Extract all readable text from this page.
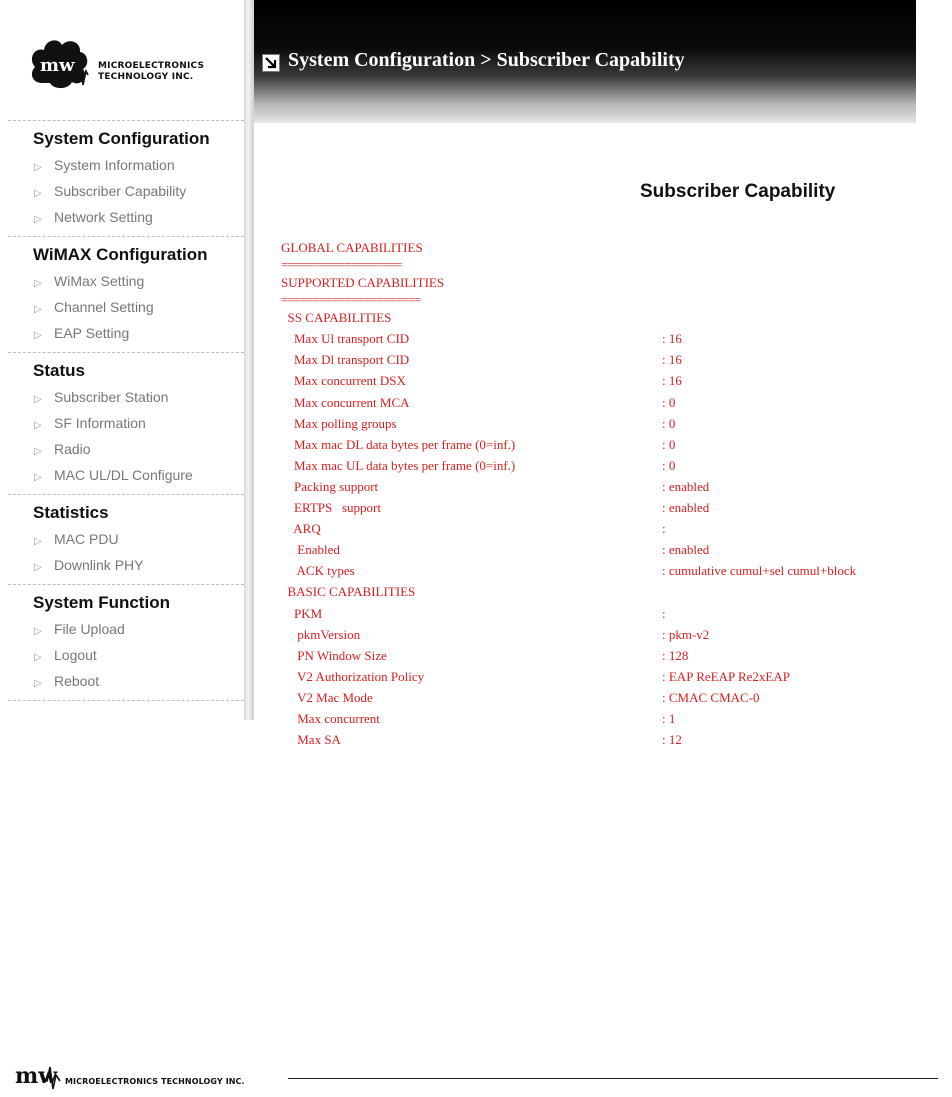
mw	MICROELECTRONICS
TECHNOLOGY INC.
System Configuration
▷ System Information
▷ Subscriber Capability
▷ Network Setting
WiMAX Configuration
▷ WiMax Setting
▷ Channel Setting
▷ EAP Setting
Status
▷ Subscriber Station
▷ SF Information
▷ Radio
▷ MAC UL/DL Configure
Statistics
▷ MAC PDU
▷ Downlink PHY
System Function
▷ File Upload
▷ Logout
▷ Reboot
System Configuration > Subscriber Capability
Subscriber Capability
GLOBAL CAPABILITIES
===================
SUPPORTED CAPABILITIES
======================
SS CAPABILITIES
Max Ul transport CID	: 16
Max Dl transport CID	: 16
Max concurrent DSX	: 16
Max concurrent MCA	: 0
Max polling groups	: 0
Max mac DL data bytes per frame (0=inf.)	: 0
Max mac UL data bytes per frame (0=inf.)	: 0
Packing support	: enabled
ERTPS   support	: enabled
ARQ	:
Enabled	: enabled
ACK types	: cumulative cumul+sel cumul+block
BASIC CAPABILITIES
PKM	:
pkmVersion	: pkm-v2
PN Window Size	: 128
V2 Authorization Policy	: EAP ReEAP Re2xEAP
V2 Mac Mode	: CMAC CMAC-0
Max concurrent	: 1
Max SA	: 12
mw MICROELECTRONICS TECHNOLOGY INC.
